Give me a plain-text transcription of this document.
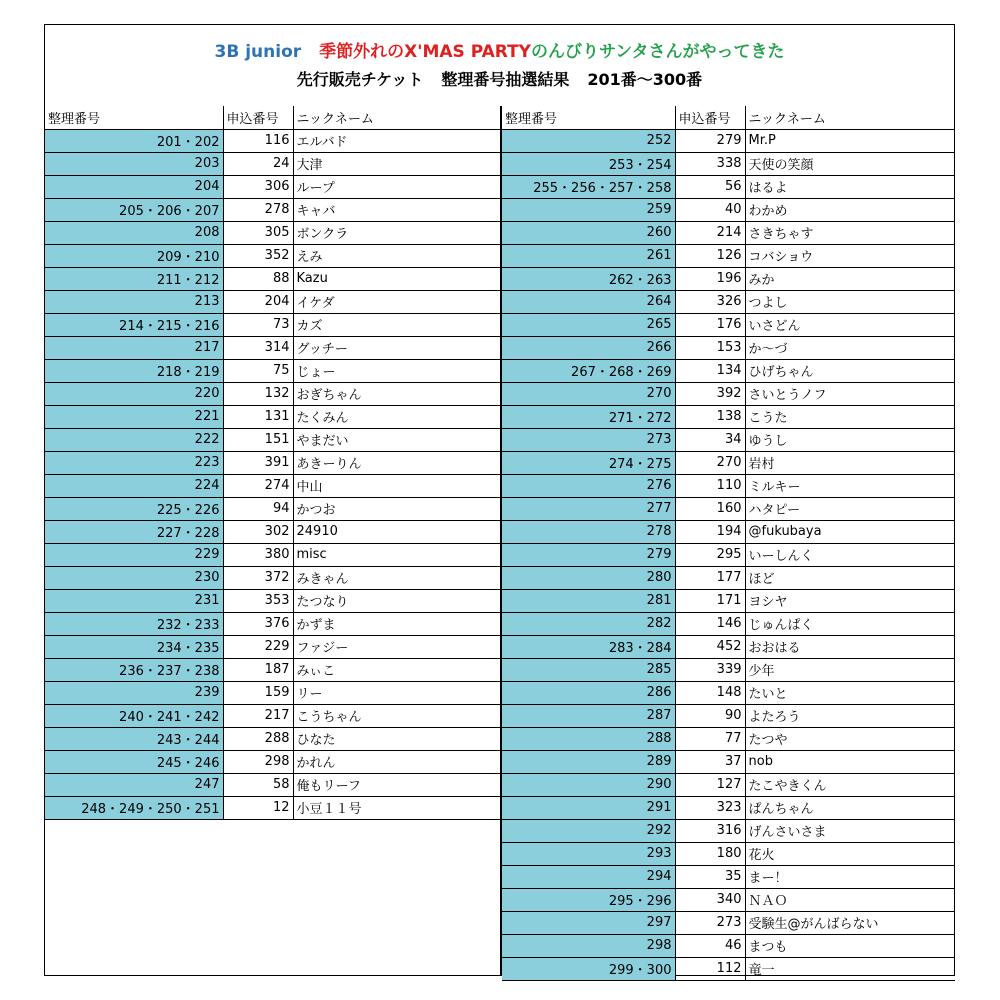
3B junior 季節外れのX'MAS PARTYのんびりサンタさんがやってきた
先行販売チケット 整理番号抽選結果 201番～300番
整理番号	申込番号	ニックネーム
201・202	116	エルバド
203	24	大津
204	306	ループ
205・206・207	278	キャバ
208	305	ボンクラ
209・210	352	えみ
211・212	88	Kazu
213	204	イケダ
214・215・216	73	カズ
217	314	グッチー
218・219	75	じょー
220	132	おぎちゃん
221	131	たくみん
222	151	やまだい
223	391	あきーりん
224	274	中山
225・226	94	かつお
227・228	302	24910
229	380	misc
230	372	みきゃん
231	353	たつなり
232・233	376	かずま
234・235	229	ファジー
236・237・238	187	みぃこ
239	159	リー
240・241・242	217	こうちゃん
243・244	288	ひなた
245・246	298	かれん
247	58	俺もリーフ
248・249・250・251	12	小豆１１号
整理番号	申込番号	ニックネーム
252	279	Mr.P
253・254	338	天使の笑顔
255・256・257・258	56	はるよ
259	40	わかめ
260	214	さきちゃす
261	126	コバショウ
262・263	196	みか
264	326	つよし
265	176	いさどん
266	153	か～づ
267・268・269	134	ひげちゃん
270	392	さいとうノフ
271・272	138	こうた
273	34	ゆうし
274・275	270	岩村
276	110	ミルキー
277	160	ハタピー
278	194	@fukubaya
279	295	いーしんく
280	177	ほど
281	171	ヨシヤ
282	146	じゅんぱく
283・284	452	おおはる
285	339	少年
286	148	たいと
287	90	よたろう
288	77	たつや
289	37	nob
290	127	たこやきくん
291	323	ぱんちゃん
292	316	げんさいさま
293	180	花火
294	35	まー！
295・296	340	ＮＡＯ
297	273	受験生@がんばらない
298	46	まつも
299・300	112	竜一
